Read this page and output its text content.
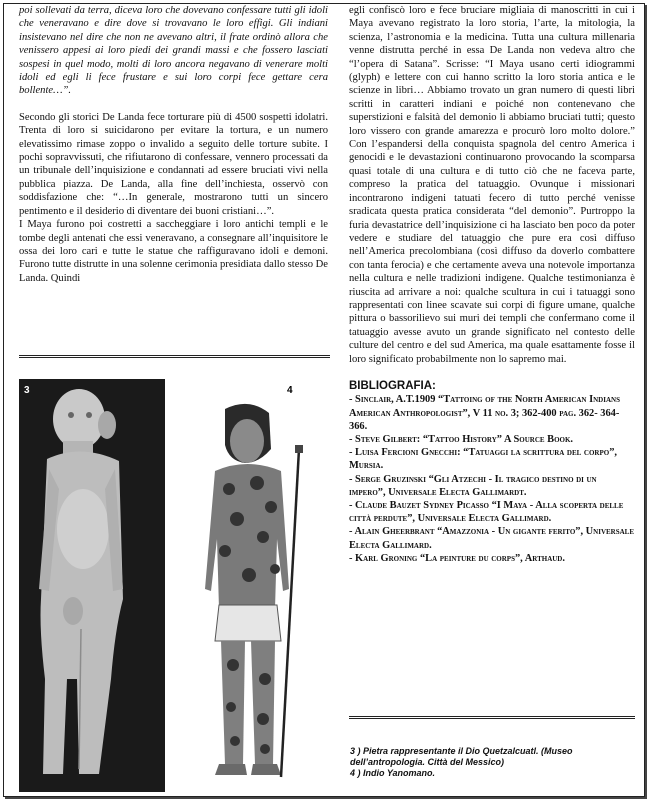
poi sollevati da terra, diceva loro che dovevano confessare tutti gli idoli che veneravano e dire dove si trovavano le loro effigi. Gli indiani insistevano nel dire che non ne avevano altri, il frate ordinò allora che venissero appesi ai loro piedi dei grandi massi e che fossero lasciati sospesi in quel modo, molti di loro ancora negavano di venerare molti idoli ed egli li fece frustare e sui loro corpi fece gettare cera bollente…”.

Secondo gli storici De Landa fece torturare più di 4500 sospetti idolatri. Trenta di loro si suicidarono per evitare la tortura, e un numero elevatissimo rimase zoppo o invalido a seguito delle torture subite. I pochi sopravvissuti, che rifiutarono di confessare, vennero processati da un tribunale dell’inquisizione e condannati ad essere bruciati vivi nella pubblica piazza. De Landa, alla fine dell’inchiesta, osservò con soddisfazione che: “…In generale, mostrarono tutti un sincero pentimento e il desiderio di diventare dei buoni cristiani…”.

I Maya furono poi costretti a saccheggiare i loro antichi templi e le tombe degli antenati che essi veneravano, a consegnare all’inquisitore le ossa dei loro cari e tutte le statue che raffiguravano idoli e demoni. Furono tutte distrutte in una solenne cerimonia presidiata dallo stesso De Landa. Quindi

3	4

egli confiscò loro e fece bruciare migliaia di manoscritti in cui i Maya avevano registrato la loro storia, l’arte, la mitologia, la scienza, l’astronomia e la medicina. Tutta una cultura millenaria venne distrutta perché in essa De Landa non vedeva altro che “l’opera di Satana”. Scrisse: “I Maya usano certi idiogrammi (glyph) e lettere con cui hanno scritto la loro storia antica e le scienze in libri… Abbiamo trovato un gran numero di questi libri scritti in caratteri indiani e poiché non contenevano che superstizioni e falsità del demonio li abbiamo bruciati tutti; questo loro vissero con grande amarezza e procurò loro molto dolore.” Con l’espandersi della conquista spagnola del centro America i genocidi e le devastazioni continuarono provocando la scomparsa quasi totale di una cultura e di tutto ciò che ne faceva parte, compreso la pratica del tatuaggio. Ovunque i missionari incontrarono indigeni tatuati fecero di tutto perché venisse sradicata questa pratica considerata “del demonio”. Purtroppo la furia devastatrice dell’inquisizione ci ha lasciato ben poco da poter vedere e studiare del tatuaggio che pure era così diffuso nell’America precolombiana (così diffuso da doverlo combattere con tanta ferocia) e che certamente aveva una notevole importanza nella cultura e nelle tradizioni indigene. Qualche testimonianza è riuscita ad arrivare a noi: qualche scultura in cui i tatuaggi sono rappresentati con linee scavate sui corpi di figure umane, qualche pittura o bassorilievo sui muri dei templi che confermano come il tatuaggio avesse avuto un grande significato nel contesto delle culture del centro e del sud America, ma quale esattamente fosse il loro significato probabilmente non lo sapremo mai.

BIBLIOGRAFIA:
- Sinclair, A.T.1909 “Tattoing of the North American Indians American Anthropologist”, V 11 no. 3; 362-400 pag. 362- 364- 366.
- Steve Gilbert: “Tattoo History” A Source Book.
- Luisa Fercioni Gnecchi: “Tatuaggi la scrittura del corpo”, Mursia.
- Serge Gruzinski “Gli Atzechi - Il tragico destino di un impero”, Universale Electa Gallimardt.
- Claude Bauzet Sydney Picasso “I Maya - Alla scoperta delle città perdute”, Universale Electa Gallimard.
- Alain Gheerbrant “Amazzonia - Un gigante ferito”, Universale Electa Gallimard.
- Karl Groning “La peinture du corps”, Arthaud.
3 ) Pietra rappresentante il Dio Quetzalcuatl. (Museo dell’antropologia. Città del Messico)
4 ) Indio Yanomano.
